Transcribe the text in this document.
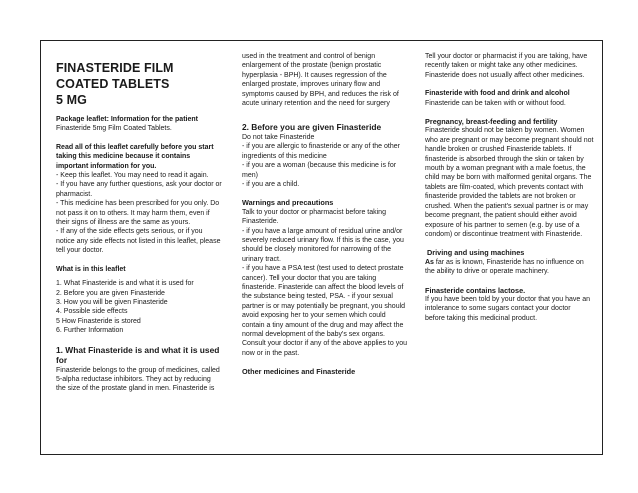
FINASTERIDE FILM
COATED TABLETS
5 MG

Package leaflet: Information for the patient

Finasteride 5mg Film Coated Tablets.

Read all of this leaflet carefully before you start taking this medicine because it contains important information for you.

- Keep this leaflet. You may need to read it again.

- If you have any further questions, ask your doctor or pharmacist.

- This medicine has been prescribed for you only. Do not pass it on to others. It may harm them, even if their signs of illness are the same as yours.

- If any of the side effects gets serious, or if you notice any side effects not listed in this leaflet, please tell your doctor.

What is in this leaflet

1. What Finasteride is and what it is used for

2. Before you are given Finasteride

3. How you will be given Finasteride

4. Possible side effects

5 How Finasteride is stored

6. Further Information

1. What Finasteride is and what it is used for

Finasteride belongs to the group of medicines, called 5-alpha reductase inhibitors. They act by reducing the size of the prostate gland in men. Finasteride is

used in the treatment and control of benign enlargement of the prostate (benign prostatic hyperplasia - BPH). It causes regression of the enlarged prostate, improves urinary flow and symptoms caused by BPH, and reduces the risk of acute urinary retention and the need for surgery

2. Before you are given Finasteride

Do not take Finasteride

- if you are allergic to finasteride or any of the other ingredients of this medicine

- if you are a woman (because this medicine is for men)

- if you are a child.

Warnings and precautions

Talk to your doctor or pharmacist before taking Finasteride.
- if you have a large amount of residual urine and/or severely reduced urinary flow. If this is the case, you should be closely monitored for narrowing of the urinary tract.
- if you have a PSA test (test used to detect prostate cancer). Tell your doctor that you are taking finasteride. Finasteride can affect the blood levels of the substance being tested, PSA. - if your sexual partner is or may potentially be pregnant, you should avoid exposing her to your semen which could contain a tiny amount of the drug and may affect the normal development of the baby's sex organs.
Consult your doctor if any of the above applies to you now or in the past.

Other medicines and Finasteride

Tell your doctor or pharmacist if you are taking, have recently taken or might take any other medicines.
Finasteride does not usually affect other medicines.

Finasteride with food and drink and alcohol Finasteride can be taken with or without food.

Pregnancy, breast-feeding and fertility

Finasteride should not be taken by women. Women who are pregnant or may become pregnant should not handle broken or crushed Finasteride tablets. If finasteride is absorbed through the skin or taken by mouth by a woman pregnant with a male foetus, the child may be born with malformed genital organs. The tablets are film-coated, which prevents contact with finasteride provided the tablets are not broken or crushed. When the patient's sexual partner is or may become pregnant, the patient should either avoid exposure of his partner to semen (e.g. by use of a condom) or discontinue treatment with Finasteride.

Driving and using machines

As far as is known, Finasteride has no influence on the ability to drive or operate machinery.

Finasteride contains lactose.

If you have been told by your doctor that you have an intolerance to some sugars contact your doctor
before taking this medicinal product.
